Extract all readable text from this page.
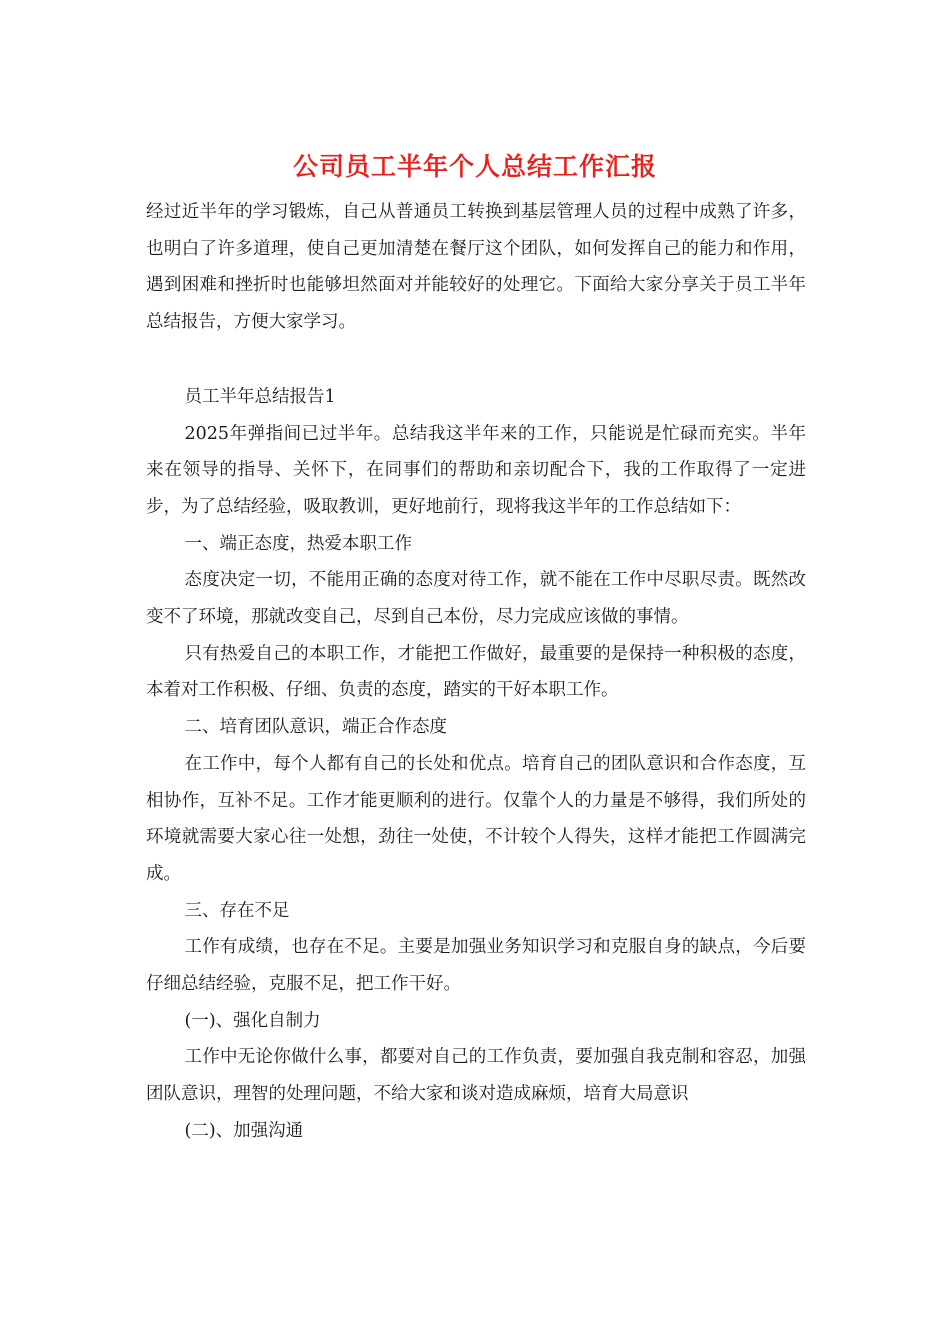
公司员工半年个人总结工作汇报

经过近半年的学习锻炼，自己从普通员工转换到基层管理人员的过程中成熟了许多，也明白了许多道理，使自己更加清楚在餐厅这个团队，如何发挥自己的能力和作用，遇到困难和挫折时也能够坦然面对并能较好的处理它。下面给大家分享关于员工半年总结报告，方便大家学习。

员工半年总结报告1

2025年弹指间已过半年。总结我这半年来的工作，只能说是忙碌而充实。半年来在领导的指导、关怀下，在同事们的帮助和亲切配合下，我的工作取得了一定进步，为了总结经验，吸取教训，更好地前行，现将我这半年的工作总结如下：

一、端正态度，热爱本职工作

态度决定一切，不能用正确的态度对待工作，就不能在工作中尽职尽责。既然改变不了环境，那就改变自己，尽到自己本份，尽力完成应该做的事情。

只有热爱自己的本职工作，才能把工作做好，最重要的是保持一种积极的态度，本着对工作积极、仔细、负责的态度，踏实的干好本职工作。

二、培育团队意识，端正合作态度

在工作中，每个人都有自己的长处和优点。培育自己的团队意识和合作态度，互相协作，互补不足。工作才能更顺利的进行。仅靠个人的力量是不够得，我们所处的环境就需要大家心往一处想，劲往一处使，不计较个人得失，这样才能把工作圆满完成。

三、存在不足

工作有成绩，也存在不足。主要是加强业务知识学习和克服自身的缺点，今后要仔细总结经验，克服不足，把工作干好。

(一)、强化自制力

工作中无论你做什么事，都要对自己的工作负责，要加强自我克制和容忍，加强团队意识，理智的处理问题，不给大家和谈对造成麻烦，培育大局意识

(二)、加强沟通
